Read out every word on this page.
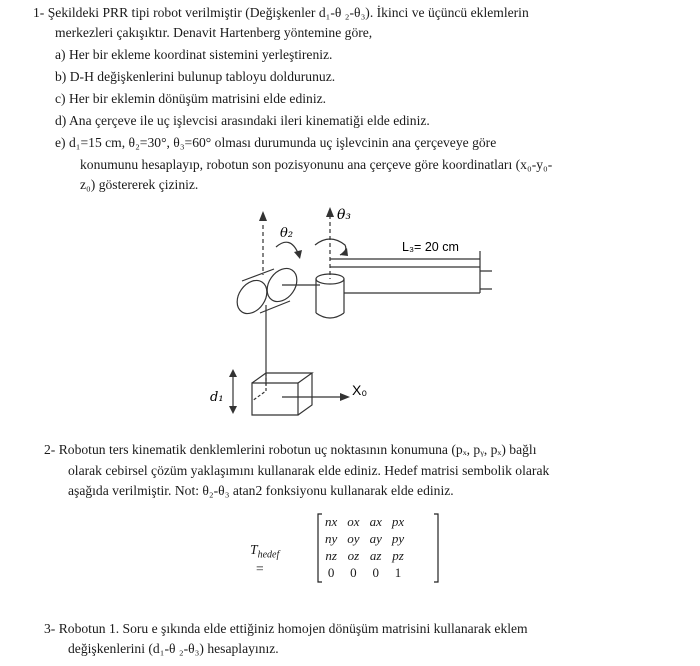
1- Şekildeki PRR tipi robot verilmiştir (Değişkenler d₁-θ ₂-θ₃). İkinci ve üçüncü eklemlerin
merkezleri çakışıktır. Denavit Hartenberg yöntemine göre,
a) Her bir ekleme koordinat sistemini yerleştireniz.
b) D-H değişkenlerini bulunup tabloyu doldurunuz.
c) Her bir eklemin dönüşüm matrisini elde ediniz.
d) Ana çerçeve ile uç işlevcisi arasındaki ileri kinematiği elde ediniz.
e) d₁=15 cm, θ₂=30°, θ₃=60° olması durumunda uç işlevcinin ana çerçeveye göre
konumunu hesaplayıp, robotun son pozisyonunu ana çerçeve göre koordinatları (x₀-y₀-
z₀) göstererek çiziniz.
θ₂
θ₃
L₃= 20 cm
X₀
d₁
2- Robotun ters kinematik denklemlerini robotun uç noktasının konumuna (pₓ, pᵧ, pₓ) bağlı
olarak cebirsel çözüm yaklaşımını kullanarak elde ediniz. Hedef matrisi sembolik olarak
aşağıda verilmiştir. Not: θ₂-θ₃ atan2 fonksiyonu kullanarak elde ediniz.
$T_{hedef}$ =
nx	ox	ax	px
ny	oy	ay	py
nz	oz	az	pz
0	0	0	1
3- Robotun 1. Soru e şıkında elde ettiğiniz homojen dönüşüm matrisini kullanarak eklem
değişkenlerini (d₁-θ ₂-θ₃) hesaplayınız.
